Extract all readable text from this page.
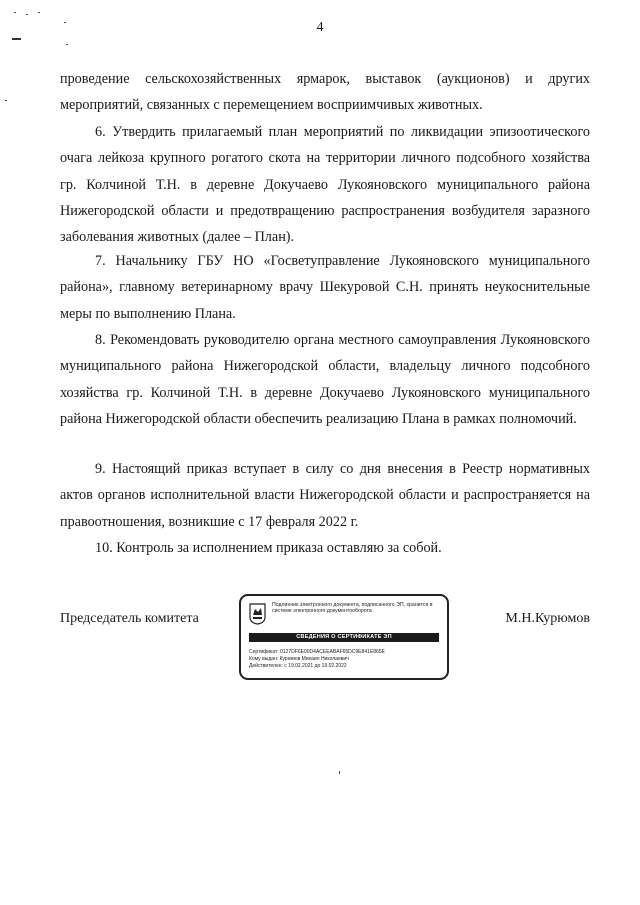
4
проведение сельскохозяйственных ярмарок, выставок (аукционов) и других мероприятий, связанных с перемещением восприимчивых животных.
6. Утвердить прилагаемый план мероприятий по ликвидации эпизоотического очага лейкоза крупного рогатого скота на территории личного подсобного хозяйства гр. Колчиной Т.Н. в деревне Докучаево Лукояновского муниципального района Нижегородской области и предотвращению распространения возбудителя заразного заболевания животных (далее – План).
7. Начальнику ГБУ НО «Госветуправление Лукояновского муниципального района», главному ветеринарному врачу Шекуровой С.Н. принять неукоснительные меры по выполнению Плана.
8. Рекомендовать руководителю органа местного самоуправления Лукояновского муниципального района Нижегородской области, владельцу личного подсобного хозяйства гр. Колчиной Т.Н. в деревне Докучаево Лукояновского муниципального района Нижегородской области обеспечить реализацию Плана в рамках полномочий.
9. Настоящий приказ вступает в силу со дня внесения в Реестр нормативных актов органов исполнительной власти Нижегородской области и распространяется на правоотношения, возникшие с 17 февраля 2022 г.
10. Контроль за исполнением приказа оставляю за собой.
Председатель комитета	М.Н.Курюмов
Подлинник электронного документа, подписанного ЭП, хранится в системе электронного документооборота
СВЕДЕНИЯ О СЕРТИФИКАТЕ ЭП
Сертификат: 0127DF6E00D4ACEEABAF65DC9E841E865E
Кому выдан: Курюмов Михаил Николаевич
Действителен: с 19.02.2021 до 19.02.2022
